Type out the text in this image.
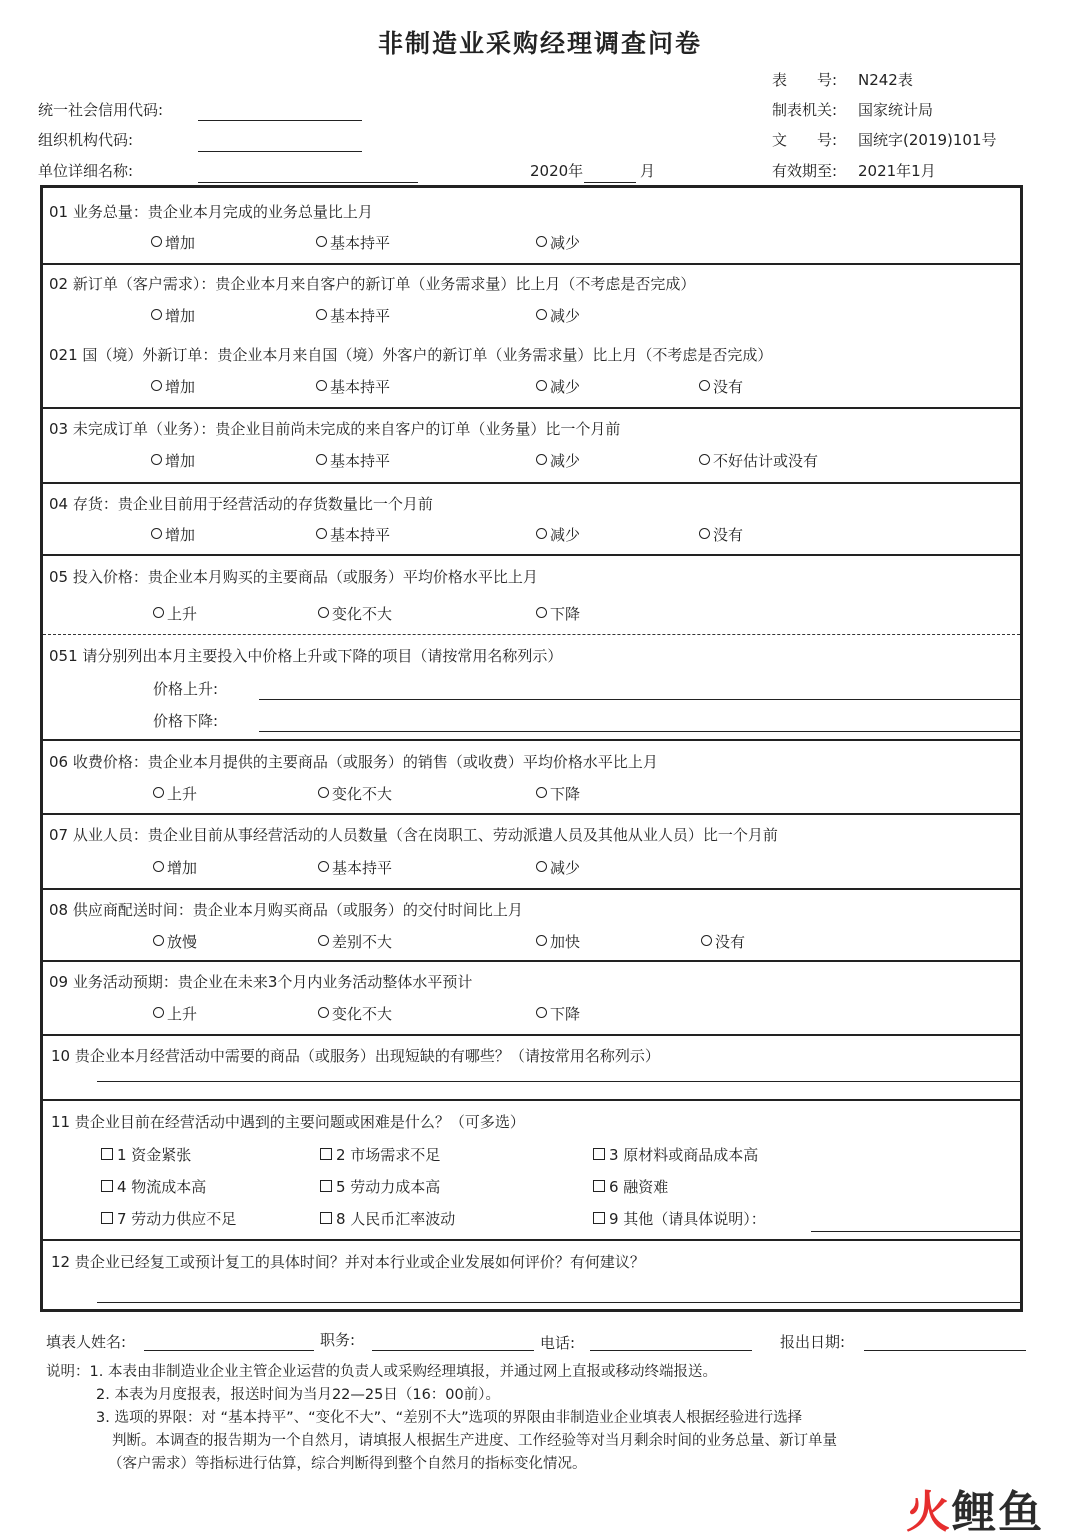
非制造业采购经理调查问卷
表　　号: N242表
制表机关: 国家统计局
文　　号: 国统字(2019)101号
有效期至: 2021年1月
统一社会信用代码:
组织机构代码:
单位详细名称:	2020年	月
01 业务总量：贵企业本月完成的业务总量比上月
增加	基本持平	减少
02 新订单（客户需求）：贵企业本月来自客户的新订单（业务需求量）比上月（不考虑是否完成）
增加	基本持平	减少
021 国（境）外新订单：贵企业本月来自国（境）外客户的新订单（业务需求量）比上月（不考虑是否完成）
增加	基本持平	减少	没有
03 未完成订单（业务）：贵企业目前尚未完成的来自客户的订单（业务量）比一个月前
增加	基本持平	减少	不好估计或没有
04 存货：贵企业目前用于经营活动的存货数量比一个月前
增加	基本持平	减少	没有
05 投入价格：贵企业本月购买的主要商品（或服务）平均价格水平比上月
上升	变化不大	下降
051 请分别列出本月主要投入中价格上升或下降的项目（请按常用名称列示）
价格上升:
价格下降:
06 收费价格：贵企业本月提供的主要商品（或服务）的销售（或收费）平均价格水平比上月
上升	变化不大	下降
07 从业人员：贵企业目前从事经营活动的人员数量（含在岗职工、劳动派遣人员及其他从业人员）比一个月前
增加	基本持平	减少
08 供应商配送时间：贵企业本月购买商品（或服务）的交付时间比上月
放慢	差别不大	加快	没有
09 业务活动预期：贵企业在未来3个月内业务活动整体水平预计
上升	变化不大	下降
10 贵企业本月经营活动中需要的商品（或服务）出现短缺的有哪些？（请按常用名称列示）
11 贵企业目前在经营活动中遇到的主要问题或困难是什么？（可多选）
1 资金紧张	2 市场需求不足	3 原材料或商品成本高
4 物流成本高	5 劳动力成本高	6 融资难
7 劳动力供应不足	8 人民币汇率波动	9 其他（请具体说明）：
12 贵企业已经复工或预计复工的具体时间？并对本行业或企业发展如何评价？有何建议？
填表人姓名:	职务:	电话:	报出日期:
说明：1. 本表由非制造业企业主管企业运营的负责人或采购经理填报，并通过网上直报或移动终端报送。
2. 本表为月度报表，报送时间为当月22—25日（16：00前）。
3. 选项的界限：对 “基本持平”、“变化不大”、“差别不大”选项的界限由非制造业企业填表人根据经验进行选择
判断。本调查的报告期为一个自然月，请填报人根据生产进度、工作经验等对当月剩余时间的业务总量、新订单量
（客户需求）等指标进行估算，综合判断得到整个自然月的指标变化情况。
火鲤鱼
